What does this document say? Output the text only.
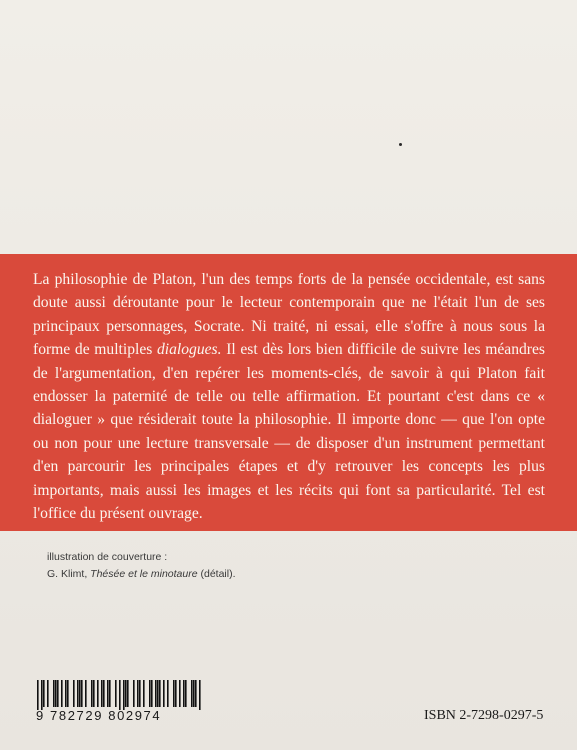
La philosophie de Platon, l'un des temps forts de la pensée occidentale, est sans doute aussi déroutante pour le lecteur contemporain que ne l'était l'un de ses principaux personnages, Socrate. Ni traité, ni essai, elle s'offre à nous sous la forme de multiples dialogues. Il est dès lors bien difficile de suivre les méandres de l'argumentation, d'en repérer les moments-clés, de savoir à qui Platon fait endosser la paternité de telle ou telle affirmation. Et pourtant c'est dans ce « dialoguer » que résiderait toute la philosophie. Il importe donc — que l'on opte ou non pour une lecture transversale — de disposer d'un instrument permettant d'en parcourir les principales étapes et d'y retrouver les concepts les plus importants, mais aussi les images et les récits qui font sa particularité. Tel est l'office du présent ouvrage.

illustration de couverture :
G. Klimt, Thésée et le minotaure (détail).
9 782729 802974	ISBN 2-7298-0297-5
